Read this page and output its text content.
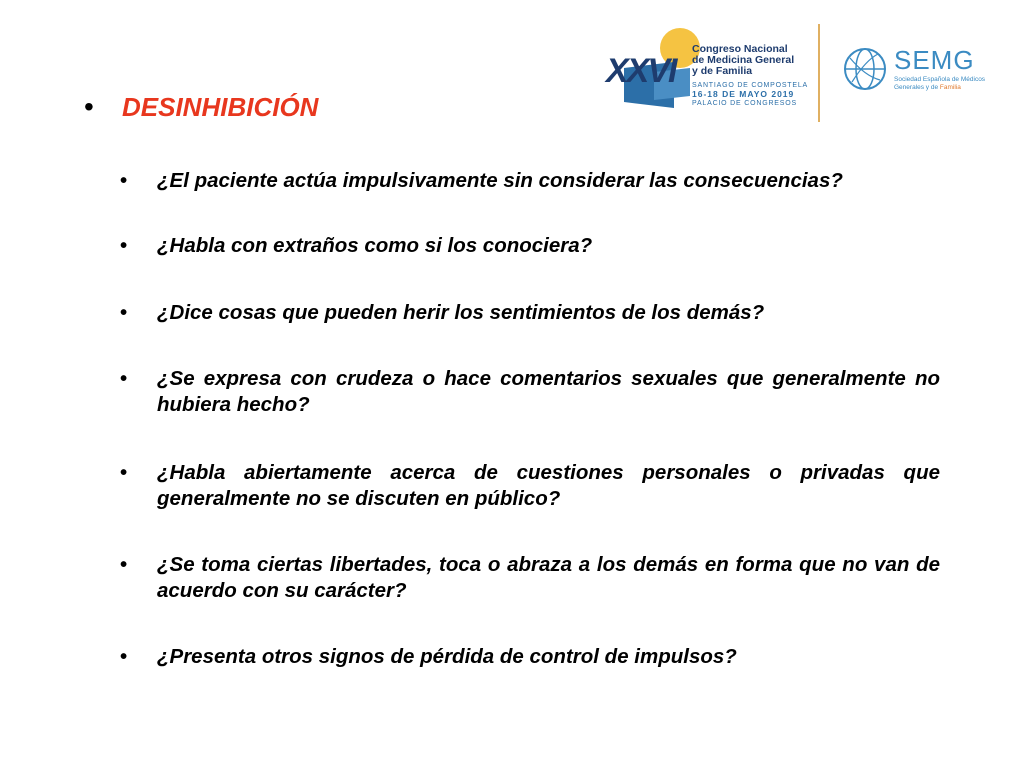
XXVI
Congreso Nacional
de Medicina General
y de Familia
SANTIAGO DE COMPOSTELA
16-18 DE MAYO 2019
PALACIO DE CONGRESOS
SEMG
Sociedad Española de Médicos
Generales y de Familia
•	DESINHIBICIÓN
• ¿El paciente actúa impulsivamente sin considerar las consecuencias?
• ¿Habla con extraños como si los conociera?
• ¿Dice cosas que pueden herir los sentimientos de los demás?
• ¿Se expresa con crudeza o hace comentarios sexuales que generalmente no hubiera hecho?
• ¿Habla abiertamente acerca de cuestiones personales o privadas que generalmente no se discuten en público?
• ¿Se toma ciertas libertades, toca o abraza a los demás en forma que no van de acuerdo con su carácter?
• ¿Presenta otros signos de pérdida de control de impulsos?
